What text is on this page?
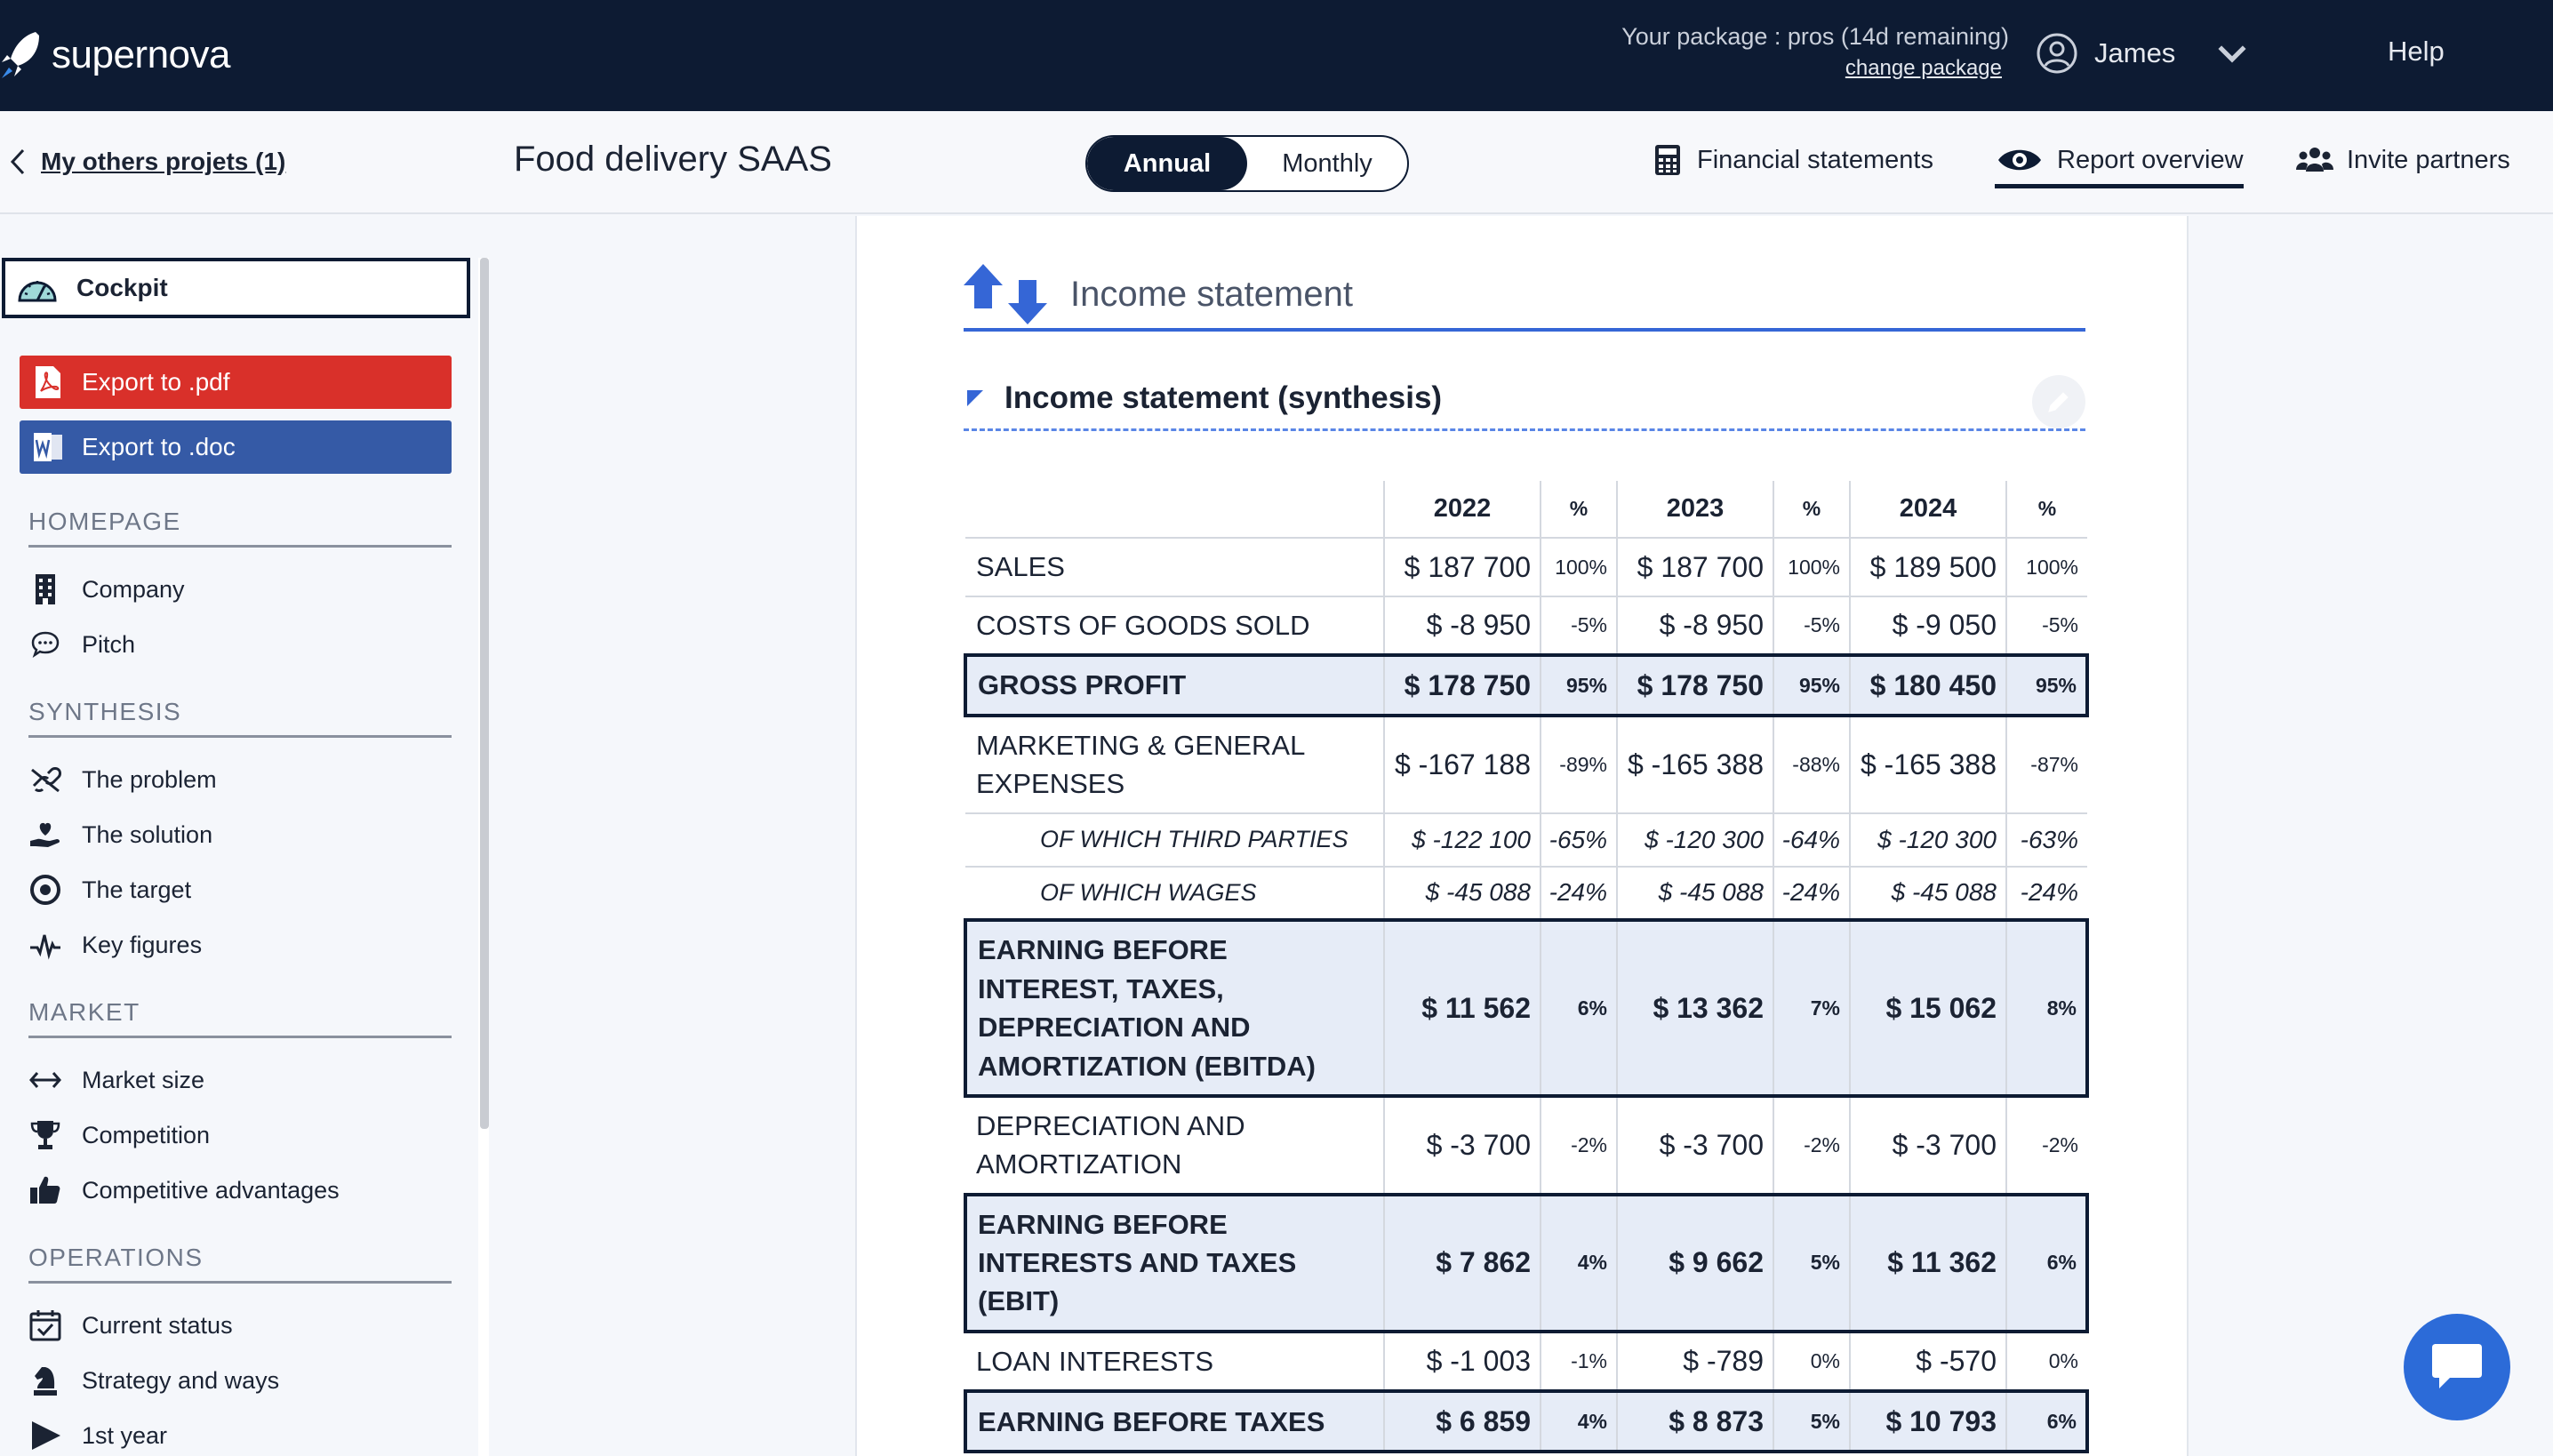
supernova	Your package : pros (14d remaining)
change package	James	Help
My others projets (1)	Food delivery SAAS	Annual	Monthly	Financial statements	Report overview	Invite partners
Cockpit
Export to .pdf
Export to .doc
HOMEPAGE
Company
Pitch
SYNTHESIS
The problem
The solution
The target
Key figures
MARKET
Market size
Competition
Competitive advantages
OPERATIONS
Current status
Strategy and ways
1st year
Income statement
Income statement (synthesis)
	2022	%	2023	%	2024	%
SALES	$ 187 700	100%	$ 187 700	100%	$ 189 500	100%
COSTS OF GOODS SOLD	$ -8 950	-5%	$ -8 950	-5%	$ -9 050	-5%
GROSS PROFIT	$ 178 750	95%	$ 178 750	95%	$ 180 450	95%
MARKETING & GENERAL EXPENSES	$ -167 188	-89%	$ -165 388	-88%	$ -165 388	-87%
OF WHICH THIRD PARTIES	$ -122 100	-65%	$ -120 300	-64%	$ -120 300	-63%
OF WHICH WAGES	$ -45 088	-24%	$ -45 088	-24%	$ -45 088	-24%
EARNING BEFORE INTEREST, TAXES, DEPRECIATION AND AMORTIZATION (EBITDA)	$ 11 562	6%	$ 13 362	7%	$ 15 062	8%
DEPRECIATION AND AMORTIZATION	$ -3 700	-2%	$ -3 700	-2%	$ -3 700	-2%
EARNING BEFORE INTERESTS AND TAXES (EBIT)	$ 7 862	4%	$ 9 662	5%	$ 11 362	6%
LOAN INTERESTS	$ -1 003	-1%	$ -789	0%	$ -570	0%
EARNING BEFORE TAXES	$ 6 859	4%	$ 8 873	5%	$ 10 793	6%
